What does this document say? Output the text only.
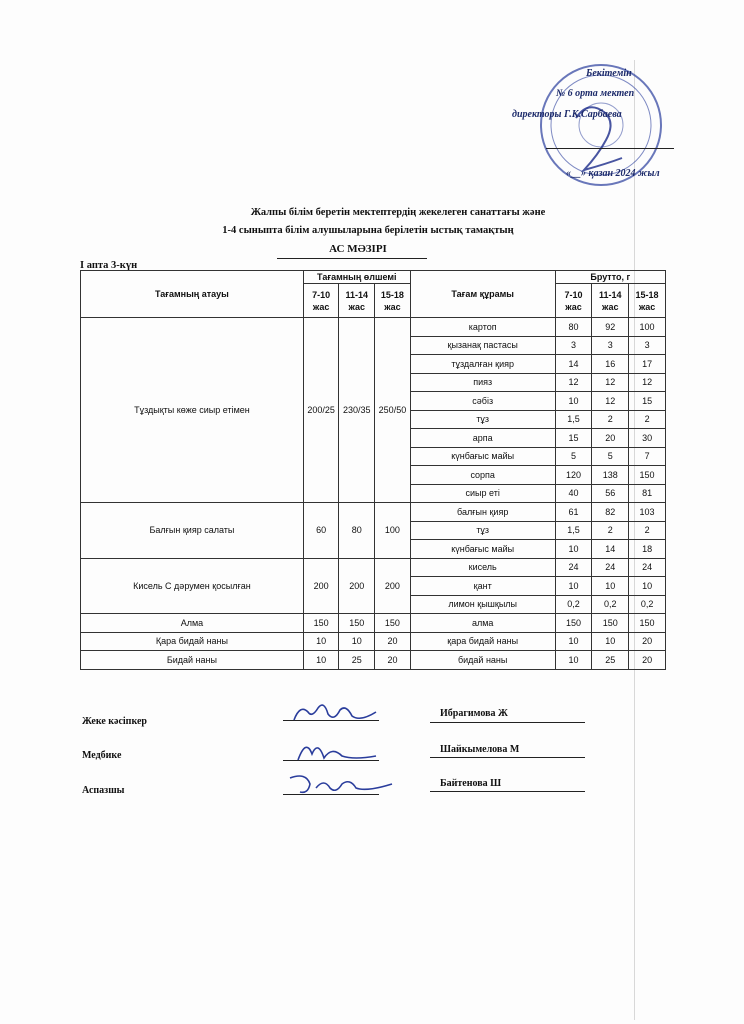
Бекітемін
№ 6 орта мектеп
директоры Г.К.Сарбаева
«__» қазан 2024 жыл
Жалпы білім беретін мектептердің жекелеген санаттағы және
1-4 сыныпта білім алушыларына берілетін ыстық тамақтың
АС МӘЗІРІ
І апта 3-күн
Тағамның атауы	Тағамның өлшемі			Тағам құрамы	Брутто, г		
	7-10 жас	11-14 жас	15-18 жас		7-10 жас	11-14 жас	15-18 жас
Тұздықты көже сиыр етімен	200/25	230/35	250/50	картоп	80	92	100
				қызанақ пастасы	3	3	3
				тұздалған қияр	14	16	17
				пияз	12	12	12
				сәбіз	10	12	15
				тұз	1,5	2	2
				арпа	15	20	30
				күнбағыс майы	5	5	7
				сорпа	120	138	150
				сиыр еті	40	56	81
Балғын қияр салаты	60	80	100	балғын қияр	61	82	103
				тұз	1,5	2	2
				күнбағыс майы	10	14	18
Кисель С дәрумен қосылған	200	200	200	кисель	24	24	24
				қант	10	10	10
				лимон қышқылы	0,2	0,2	0,2
Алма	150	150	150	алма	150	150	150
Қара бидай наны	10	10	20	қара бидай наны	10	10	20
Бидай наны	10	25	20	бидай наны	10	25	20
Жеке кәсіпкер
Медбике
Аспазшы
Ибрагимова Ж
Шайкымелова М
Байтенова Ш
